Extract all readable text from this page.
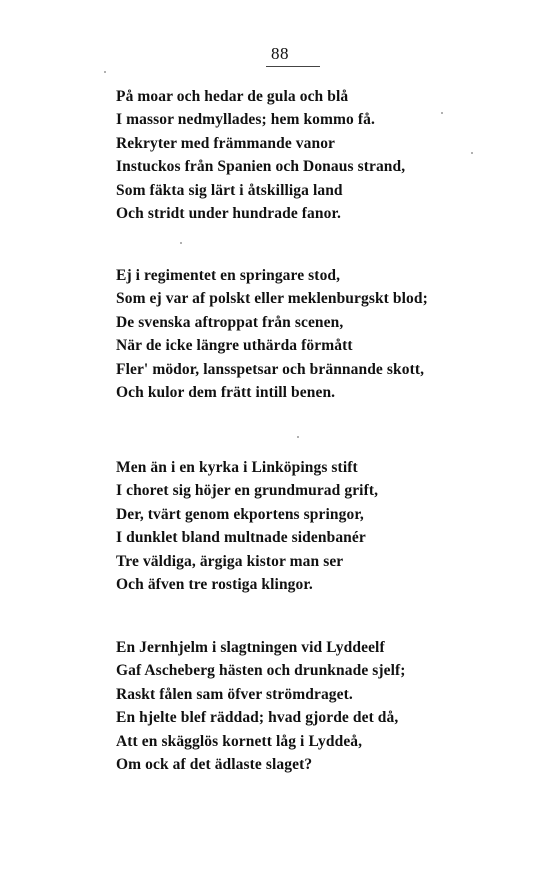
88
På moar och hedar de gula och blå
I massor nedmyllades; hem kommo få.
Rekryter med främmande vanor
Instuckos från Spanien och Donaus strand,
Som fäkta sig lärt i åtskilliga land
Och stridt under hundrade fanor.
Ej i regimentet en springare stod,
Som ej var af polskt eller meklenburgskt blod;
De svenska aftroppat från scenen,
När de icke längre uthärda förmått
Fler' mödor, lansspetsar och brännande skott,
Och kulor dem frätt intill benen.
Men än i en kyrka i Linköpings stift
I choret sig höjer en grundmurad grift,
Der, tvärt genom ekportens springor,
I dunklet bland multnade sidenbanér
Tre väldiga, ärgiga kistor man ser
Och äfven tre rostiga klingor.
En Jernhjelm i slagtningen vid Lyddeelf
Gaf Ascheberg hästen och drunknade sjelf;
Raskt fålen sam öfver strömdraget.
En hjelte blef räddad; hvad gjorde det då,
Att en skägglös kornett låg i Lyddeå,
Om ock af det ädlaste slaget?
